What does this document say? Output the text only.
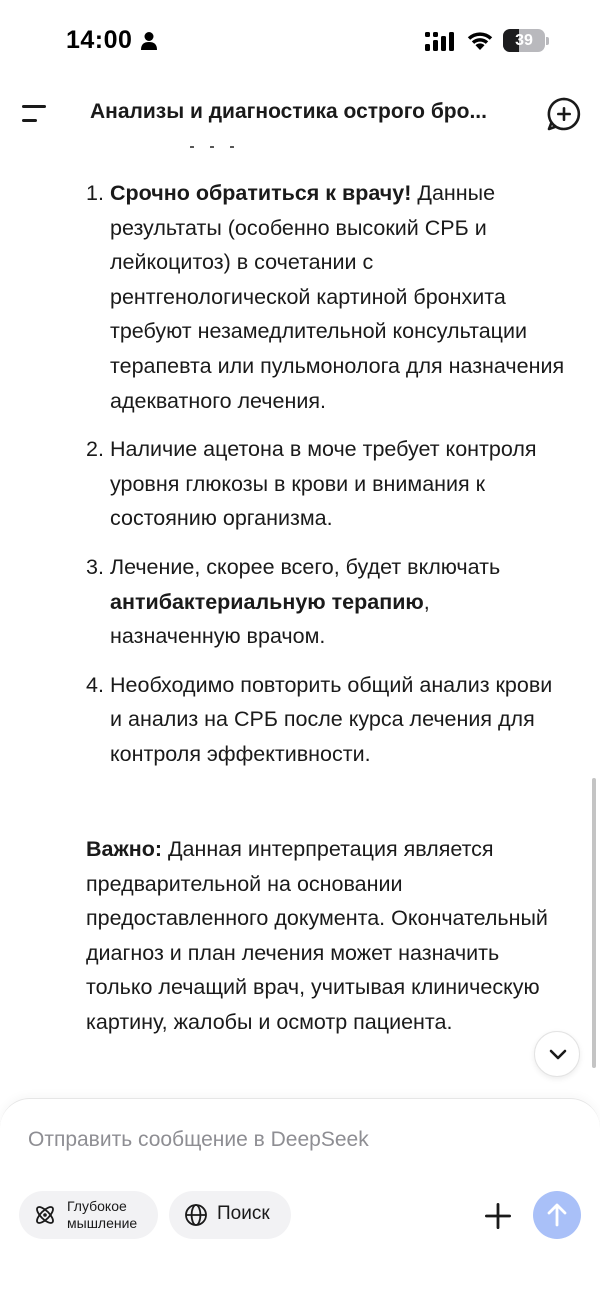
14:00	39
Анализы и диагностика острого бро...
1. Срочно обратиться к врачу! Данные результаты (особенно высокий СРБ и лейкоцитоз) в сочетании с рентгенологической картиной бронхита требуют незамедлительной консультации терапевта или пульмонолога для назначения адекватного лечения.
2. Наличие ацетона в моче требует контроля уровня глюкозы в крови и внимания к состоянию организма.
3. Лечение, скорее всего, будет включать антибактериальную терапию, назначенную врачом.
4. Необходимо повторить общий анализ крови и анализ на СРБ после курса лечения для контроля эффективности.

Важно: Данная интерпретация является предварительной на основании предоставленного документа. Окончательный диагноз и план лечения может назначить только лечащий врач, учитывая клиническую картину, жалобы и осмотр пациента.

Отправить сообщение в DeepSeek
Глубокое
мышление	Поиск
